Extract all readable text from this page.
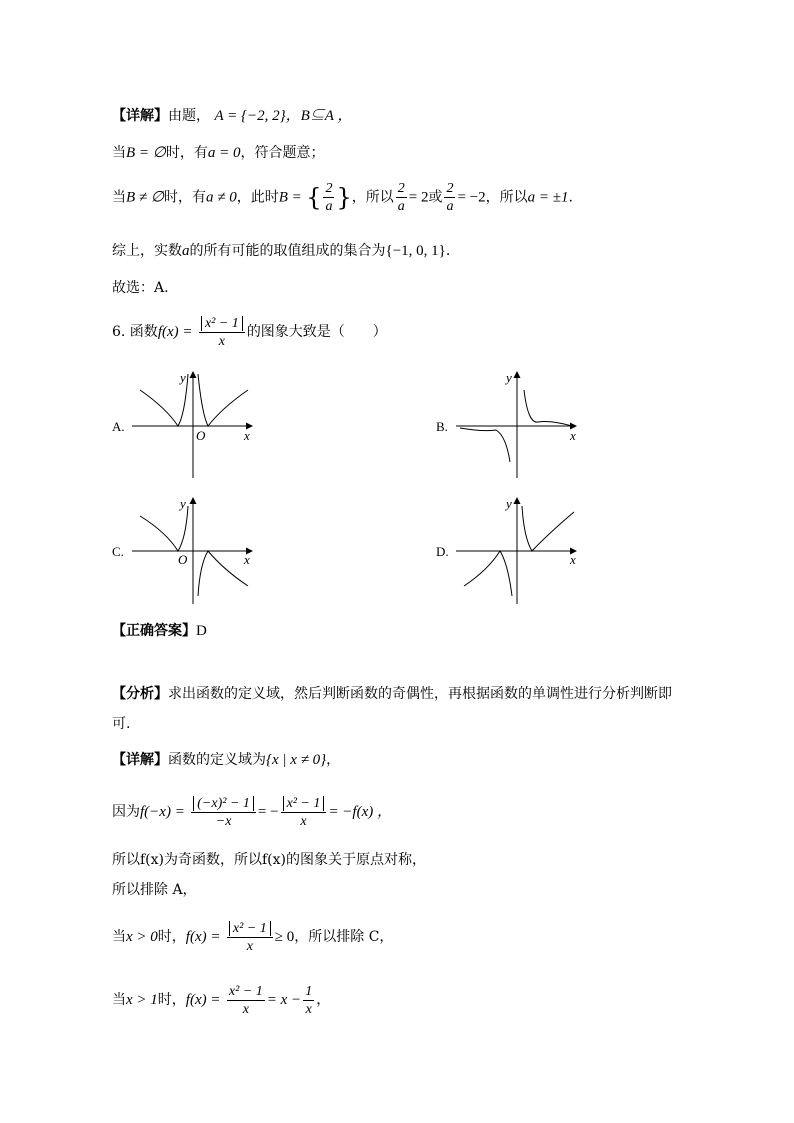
【详解】由题， A = {−2, 2}，B⊆A ，
当B = ∅时，有a = 0，符合题意；
当B ≠ ∅时，有a ≠ 0，此时B = { $\frac{2}{a}$ }，所以 $\frac{2}{a} = 2$或 $\frac{2}{a} = -2$，所以a = ±1.
综上，实数a的所有可能的取值组成的集合为{−1, 0, 1}.
故选：A.
6. 函数$f(x) = \frac{\text{x² − 1}}{x}$ 的图象大致是（　　）
A.
y
x
O
B.
y
x
C.
y
x
O
D.
y
x
【正确答案】D
【分析】求出函数的定义域，然后判断函数的奇偶性，再根据函数的单调性进行分析判断即
可.
【详解】函数的定义域为{x | x ≠ 0}，
因为$f(-x) = \frac{\text{(−x)² − 1}}{-x}$ = − $\frac{\text{x² − 1}}{x} = -f(x)$ ，
所以f(x)为奇函数，所以f(x)的图象关于原点对称，
所以排除 A，
当x > 0时，$f(x) = \frac{\text{x² − 1}}{x} \ge 0$，所以排除 C，
当x > 1时，$f(x) = \frac{\text{x² − 1}}{x} = x - \frac{1}{x}$ ，
